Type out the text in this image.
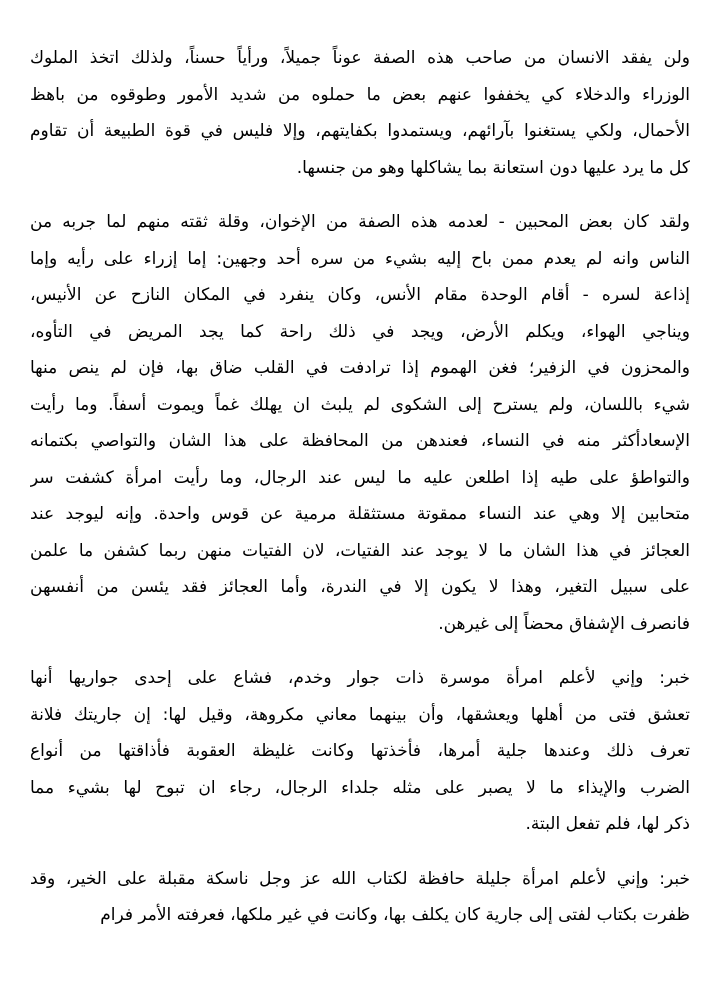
ولن يفقد الانسان من صاحب هذه الصفة عوناً جميلاً، ورأياً حسناً، ولذلك اتخذ الملوك
الوزراء والدخلاء كي يخففوا عنهم بعض ما حملوه من شديد الأمور وطوقوه من باهظ
الأحمال، ولكي يستغنوا بآرائهم، ويستمدوا بكفايتهم، وإلا فليس في قوة الطبيعة أن تقاوم
كل ما يرد عليها دون استعانة بما يشاكلها وهو من جنسها.
ولقد كان بعض المحبين - لعدمه هذه الصفة من الإخوان، وقلة ثقته منهم لما جربه من
الناس وانه لم يعدم ممن باح إليه بشيء من سره أحد وجهين: إما إزراء على رأيه وإما
إذاعة لسره - أقام الوحدة مقام الأنس، وكان ينفرد في المكان النازح عن الأنيس،
ويناجي الهواء، ويكلم الأرض، ويجد في ذلك راحة كما يجد المريض في التأوه،
والمحزون في الزفير؛ فغن الهموم إذا ترادفت في القلب ضاق بها، فإن لم ينص منها
شيء باللسان، ولم يسترح إلى الشكوى لم يلبث ان يهلك غماً ويموت أسفاً. وما رأيت
الإسعادأكثر منه في النساء، فعندهن من المحافظة على هذا الشان والتواصي بكتمانه
والتواطؤ على طيه إذا اطلعن عليه ما ليس عند الرجال، وما رأيت امرأة كشفت سر
متحابين إلا وهي عند النساء ممقوتة مستثقلة مرمية عن قوس واحدة. وإنه ليوجد عند
العجائز في هذا الشان ما لا يوجد عند الفتيات، لان الفتيات منهن ربما كشفن ما علمن
على سبيل التغير، وهذا لا يكون إلا في الندرة، وأما العجائز فقد يئسن من أنفسهن
فانصرف الإشفاق محضاً إلى غيرهن.
خبر: وإني لأعلم امرأة موسرة ذات جوار وخدم، فشاع على إحدى جواريها أنها
تعشق فتى من أهلها ويعشقها، وأن بينهما معاني مكروهة، وقيل لها: إن جاريتك فلانة
تعرف ذلك وعندها جلية أمرها، فأخذتها وكانت غليظة العقوبة فأذاقتها من أنواع
الضرب والإيذاء ما لا يصبر على مثله جلداء الرجال، رجاء ان تبوح لها بشيء مما
ذكر لها، فلم تفعل البتة.
خبر: وإني لأعلم امرأة جليلة حافظة لكتاب الله عز وجل ناسكة مقبلة على الخير، وقد
ظفرت بكتاب لفتى إلى جارية كان يكلف بها، وكانت في غير ملكها، فعرفته الأمر فرام
